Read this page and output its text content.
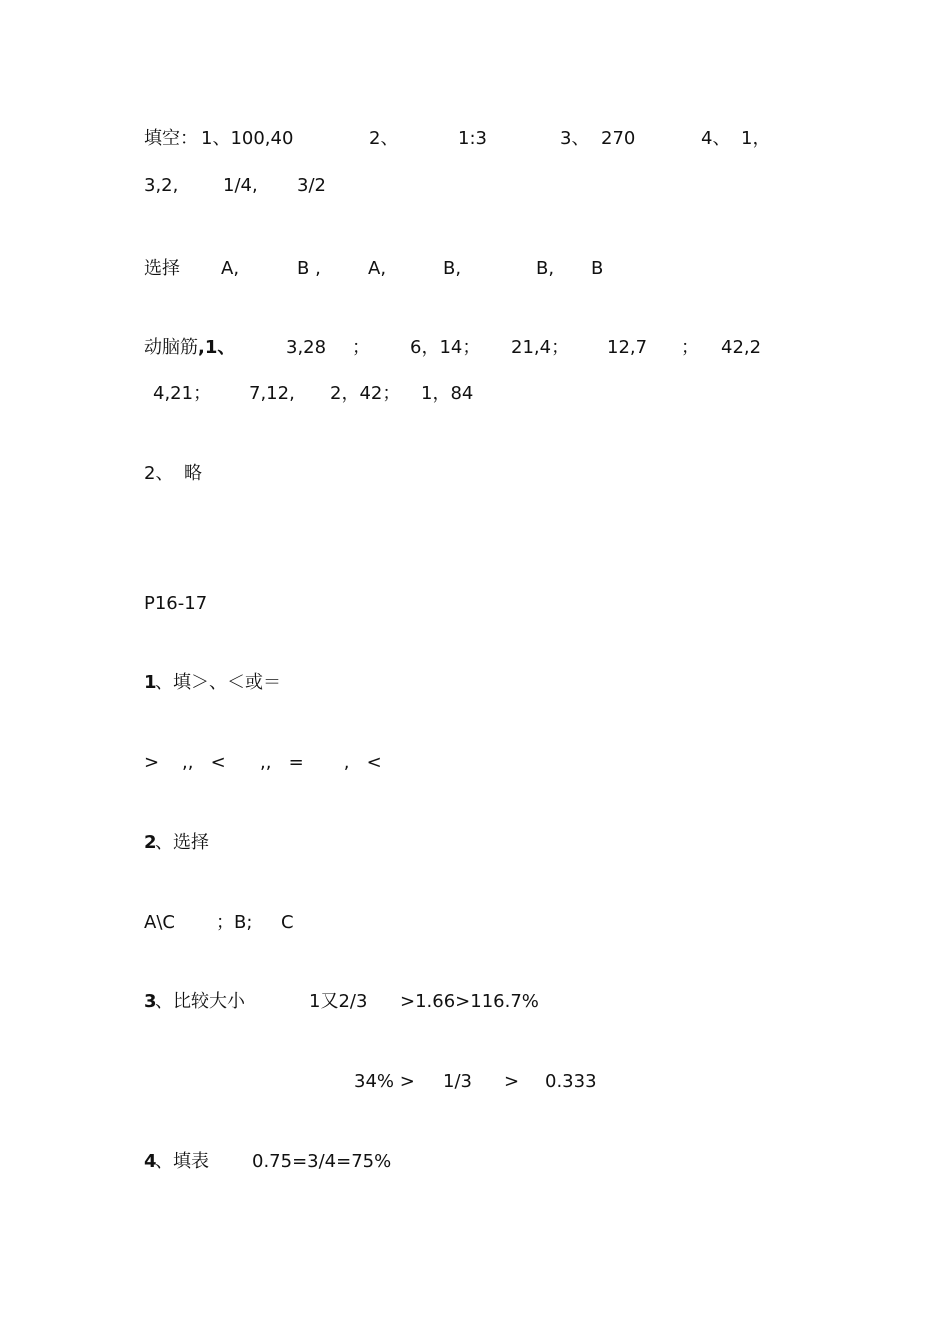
填空： 1、100,40	2、	1:3	3、 270	4、 1，
3,2, 1/4, 3/2
选择 A,	B ,	A,	B,	B, B
动脑筋 ,1、	3,28 ； 6，14； 21,4； 12,7 ； 42,2
4,21； 7,12, 2，42； 1，84
2、 略
P16-17
1
、填＞、＜或＝
>    ,,   <      ,,   =       ,   <
2
、选择
A\C ；B; C
3
、比较大小	1又2/3 >1.66>116.7%
34% > 1/3 > 0.333
4
、填表 0.75=3/4=75%
